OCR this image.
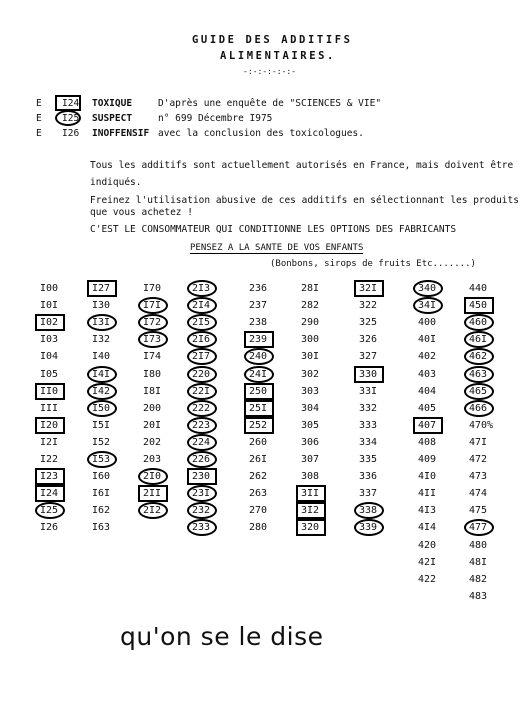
GUIDE DES ADDITIFS
ALIMENTAIRES.
-:-:-:-:-:-
E I24 TOXIQUE	D'après une enquête de "SCIENCES & VIE"
E I25 SUSPECT	n° 699 Décembre I975
E I26 INOFFENSIF avec la conclusion des toxicologues.
Tous les additifs sont actuellement autorisés en France, mais doivent être
indiqués.
Freinez l'utilisation abusive de ces additifs en sélectionnant les produits
que vous achetez !
C'EST LE CONSOMMATEUR QUI CONDITIONNE LES OPTIONS DES FABRICANTS
PENSEZ A LA SANTE DE VOS ENFANTS
(Bonbons, sirops de fruits Etc.......)
I00
I0I
I02
I03
I04
I05
II0
III
I20
I2I
I22
I23
I24
I25
I26
I27
I30
I3I
I32
I40
I4I
I42
I50
I5I
I52
I53
I60
I6I
I62
I63
I70
I7I
I72
I73
I74
I80
I8I
200
20I
202
203
2I0
2II
2I2
2I3
2I4
2I5
2I6
2I7
220
22I
222
223
224
226
230
23I
232
233
236
237
238
239
240
24I
250
25I
252
260
26I
262
263
270
280
28I
282
290
300
30I
302
303
304
305
306
307
308
3II
3I2
320
32I
322
325
326
327
330
33I
332
333
334
335
336
337
338
339
340
34I
400
40I
402
403
404
405
407
408
409
4I0
4II
4I3
4I4
420
42I
422
440
450
460
46I
462
463
465
466
470%
47I
472
473
474
475
477
480
48I
482
483
qu'on se le dise
